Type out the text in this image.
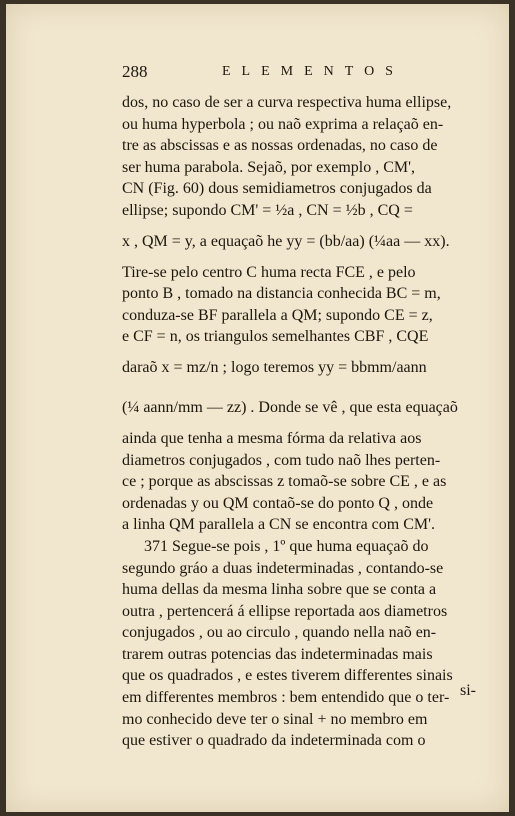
288	ELEMENTOS
dos, no caso de ser a curva respectiva huma ellipse,
ou huma hyperbola ; ou naõ exprima a relaçaõ en-
tre as abscissas e as nossas ordenadas, no caso de
ser huma parabola. Sejaõ, por exemplo , CM',
CN (Fig. 60) dous semidiametros conjugados da
ellipse; supondo CM' = ½a , CN = ½b , CQ =
x , QM = y, a equaçaõ he yy = (bb/aa) (¼aa — xx).
Tire-se pelo centro C huma recta FCE , e pelo
ponto B , tomado na distancia conhecida BC = m,
conduza-se BF parallela a QM; supondo CE = z,
e CF = n, os triangulos semelhantes CBF , CQE
daraõ x = mz/n ; logo teremos yy = bbmm/aann
(¼ aann/mm — zz) . Donde se vê , que esta equaçaõ
ainda que tenha a mesma fórma da relativa aos
diametros conjugados , com tudo naõ lhes perten-
ce ; porque as abscissas z tomaõ-se sobre CE , e as
ordenadas y ou QM contaõ-se do ponto Q , onde
a linha QM parallela a CN se encontra com CM'.
371 Segue-se pois , 1º que huma equaçaõ do
segundo gráo a duas indeterminadas , contando-se
huma dellas da mesma linha sobre que se conta a
outra , pertencerá á ellipse reportada aos diametros
conjugados , ou ao circulo , quando nella naõ en-
trarem outras potencias das indeterminadas mais
que os quadrados , e estes tiverem differentes sinais
em differentes membros : bem entendido que o ter-
mo conhecido deve ter o sinal + no membro em
que estiver o quadrado da indeterminada com o
si-
